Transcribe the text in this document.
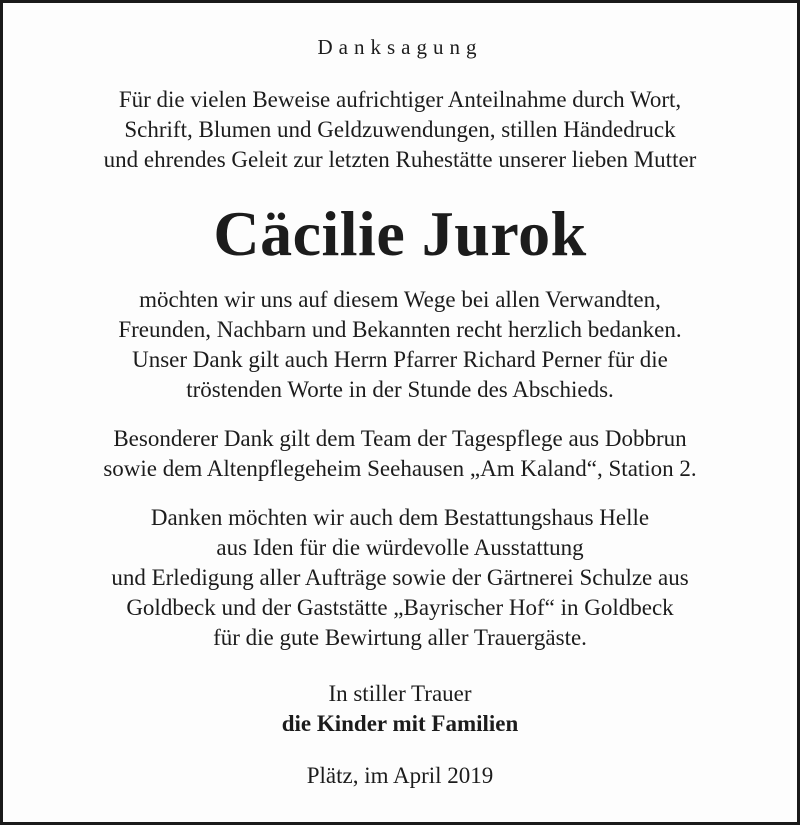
Danksagung
Für die vielen Beweise aufrichtiger Anteilnahme durch Wort,
Schrift, Blumen und Geldzuwendungen, stillen Händedruck
und ehrendes Geleit zur letzten Ruhestätte unserer lieben Mutter
Cäcilie Jurok
möchten wir uns auf diesem Wege bei allen Verwandten,
Freunden, Nachbarn und Bekannten recht herzlich bedanken.
Unser Dank gilt auch Herrn Pfarrer Richard Perner für die
tröstenden Worte in der Stunde des Abschieds.
Besonderer Dank gilt dem Team der Tagespflege aus Dobbrun
sowie dem Altenpflegeheim Seehausen „Am Kaland“, Station 2.
Danken möchten wir auch dem Bestattungshaus Helle
aus Iden für die würdevolle Ausstattung
und Erledigung aller Aufträge sowie der Gärtnerei Schulze aus
Goldbeck und der Gaststätte „Bayrischer Hof“ in Goldbeck
für die gute Bewirtung aller Trauergäste.
In stiller Trauer
die Kinder mit Familien
Plätz, im April 2019
